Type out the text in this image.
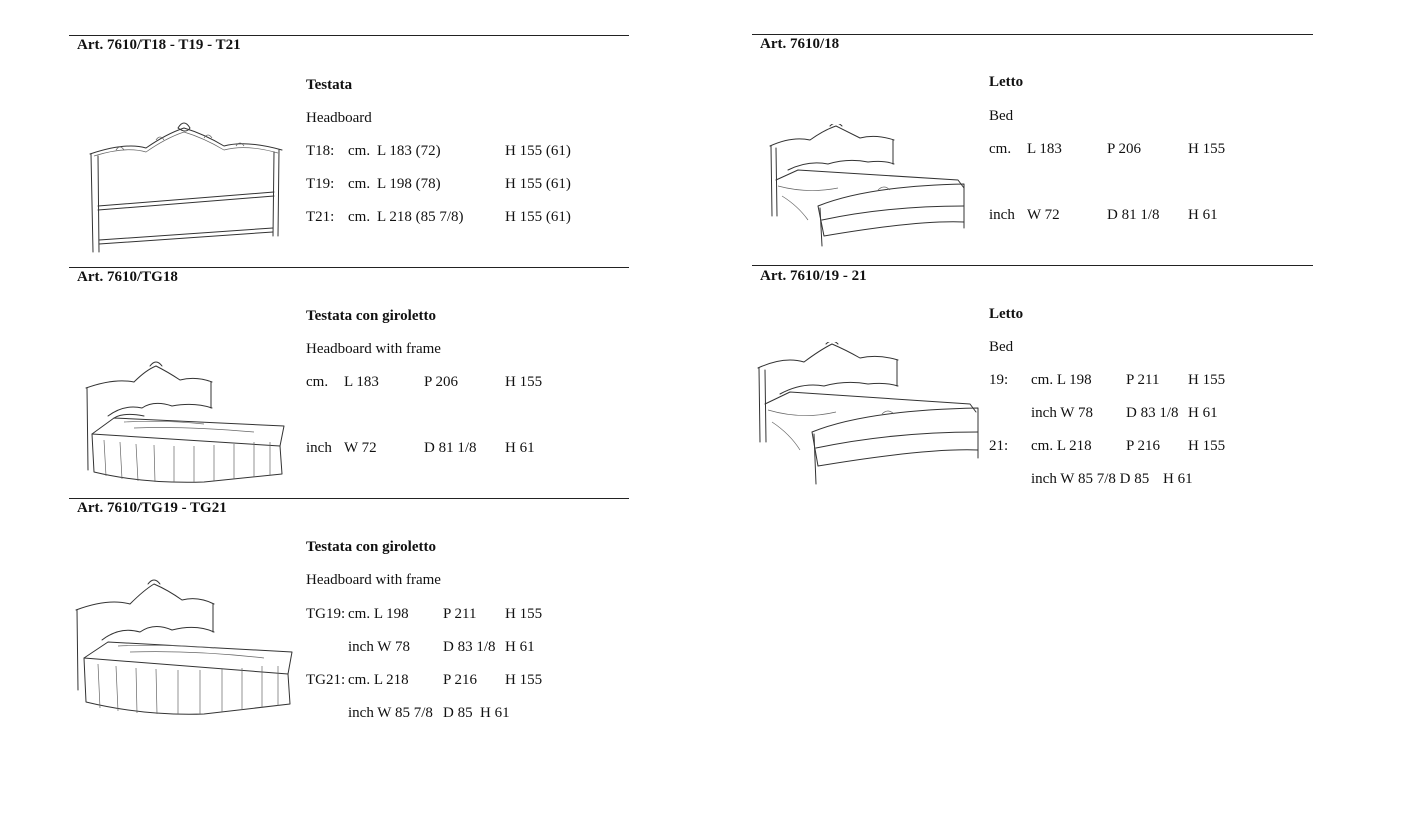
Art. 7610/T18 - T19 - T21
Testata
Headboard
T18: cm. L 183 (72)	H 155 (61)
T19: cm. L 198 (78)	H 155 (61)
T21: cm. L 218 (85 7/8)	H 155 (61)
Art. 7610/TG18
Testata con giroletto
Headboard with frame
cm. L 183	P 206	H 155
inch W 72	D 81 1/8 H 61
Art. 7610/TG19 - TG21
Testata con giroletto
Headboard with frame
TG19: cm. L 198 P 211 H 155
inch W 78 D 83 1/8 H 61
TG21: cm. L 218 P 216 H 155
inch W 85 7/8 D 85 H 61
Art. 7610/18
Letto
Bed
cm. L 183	P 206	H 155
inch W 72	D 81 1/8 H 61
Art. 7610/19 - 21
Letto
Bed
19: cm. L 198 P 211 H 155
inch W 78 D 83 1/8 H 61
21: cm. L 218 P 216 H 155
inch W 85 7/8 D 85 H 61
